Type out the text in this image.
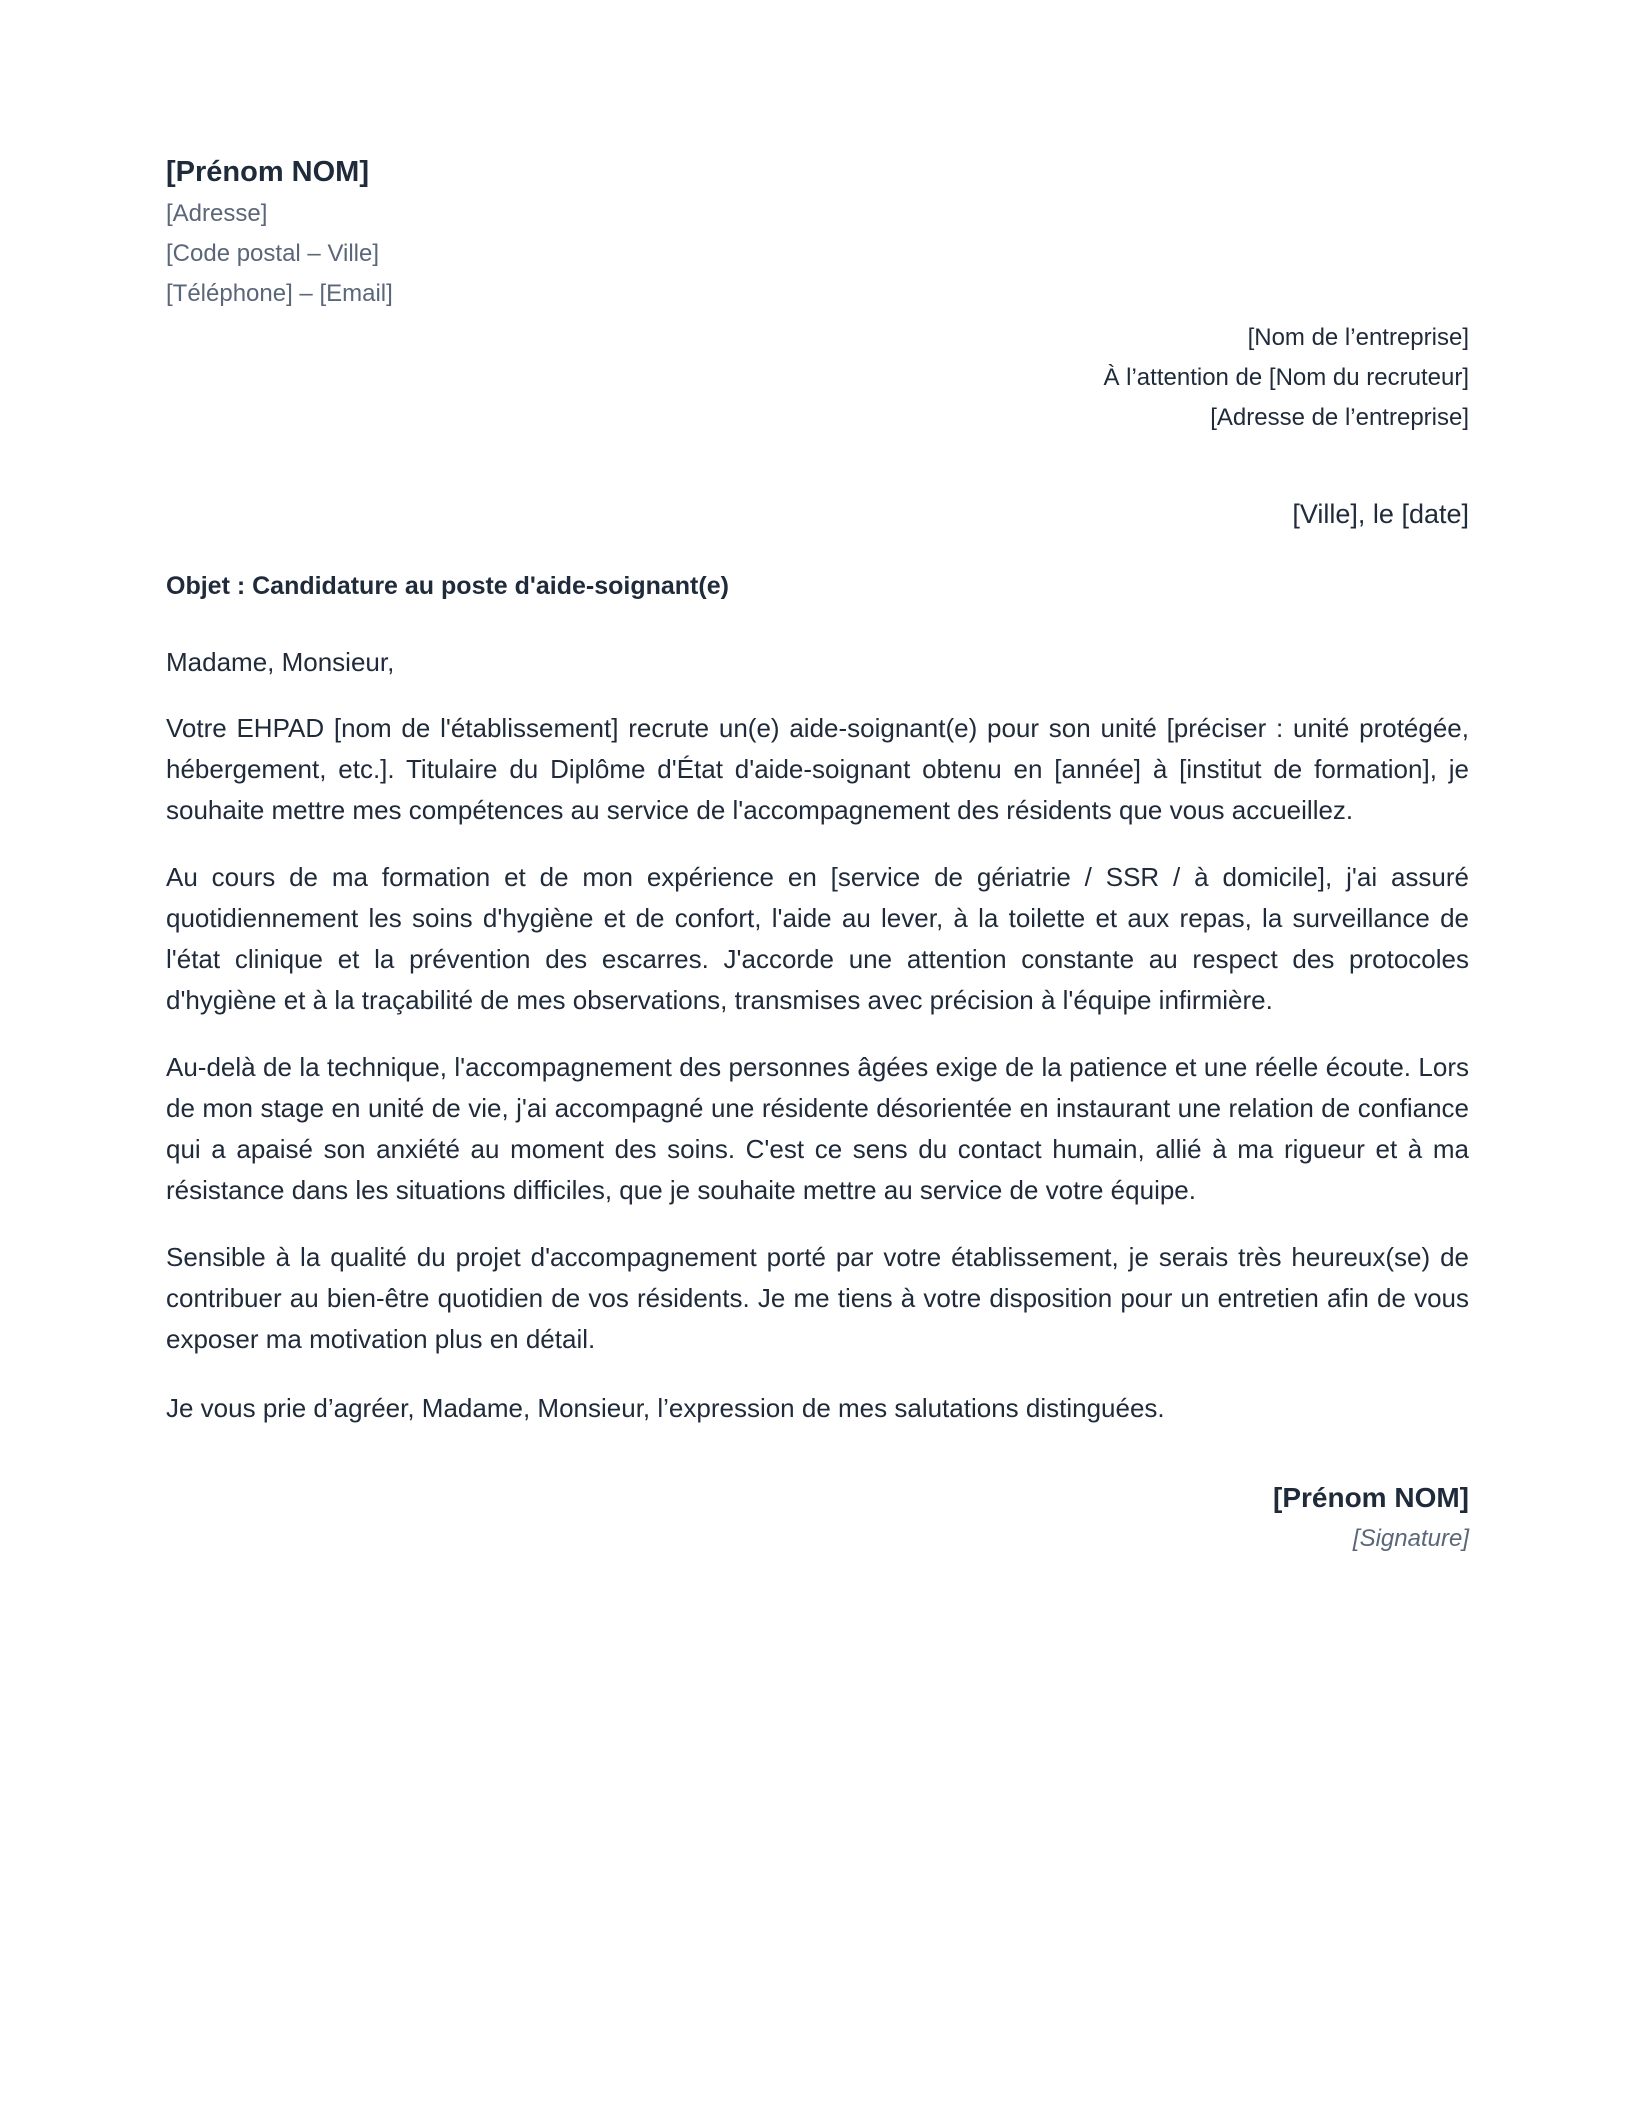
[Prénom NOM]

[Adresse]

[Code postal – Ville]

[Téléphone] – [Email]

[Nom de l’entreprise]

À l’attention de [Nom du recruteur]

[Adresse de l’entreprise]

[Ville], le [date]
Objet : Candidature au poste d'aide-soignant(e)
Madame, Monsieur,
Votre EHPAD [nom de l'établissement] recrute un(e) aide-soignant(e) pour son unité [préciser : unité protégée, hébergement, etc.]. Titulaire du Diplôme d'État d'aide-soignant obtenu en [année] à [institut de formation], je souhaite mettre mes compétences au service de l'accompagnement des résidents que vous accueillez.
Au cours de ma formation et de mon expérience en [service de gériatrie / SSR / à domicile], j'ai assuré quotidiennement les soins d'hygiène et de confort, l'aide au lever, à la toilette et aux repas, la surveillance de l'état clinique et la prévention des escarres. J'accorde une attention constante au respect des protocoles d'hygiène et à la traçabilité de mes observations, transmises avec précision à l'équipe infirmière.
Au-delà de la technique, l'accompagnement des personnes âgées exige de la patience et une réelle écoute. Lors de mon stage en unité de vie, j'ai accompagné une résidente désorientée en instaurant une relation de confiance qui a apaisé son anxiété au moment des soins. C'est ce sens du contact humain, allié à ma rigueur et à ma résistance dans les situations difficiles, que je souhaite mettre au service de votre équipe.
Sensible à la qualité du projet d'accompagnement porté par votre établissement, je serais très heureux(se) de contribuer au bien-être quotidien de vos résidents. Je me tiens à votre disposition pour un entretien afin de vous exposer ma motivation plus en détail.
Je vous prie d’agréer, Madame, Monsieur, l’expression de mes salutations distinguées.
[Prénom NOM]
[Signature]
